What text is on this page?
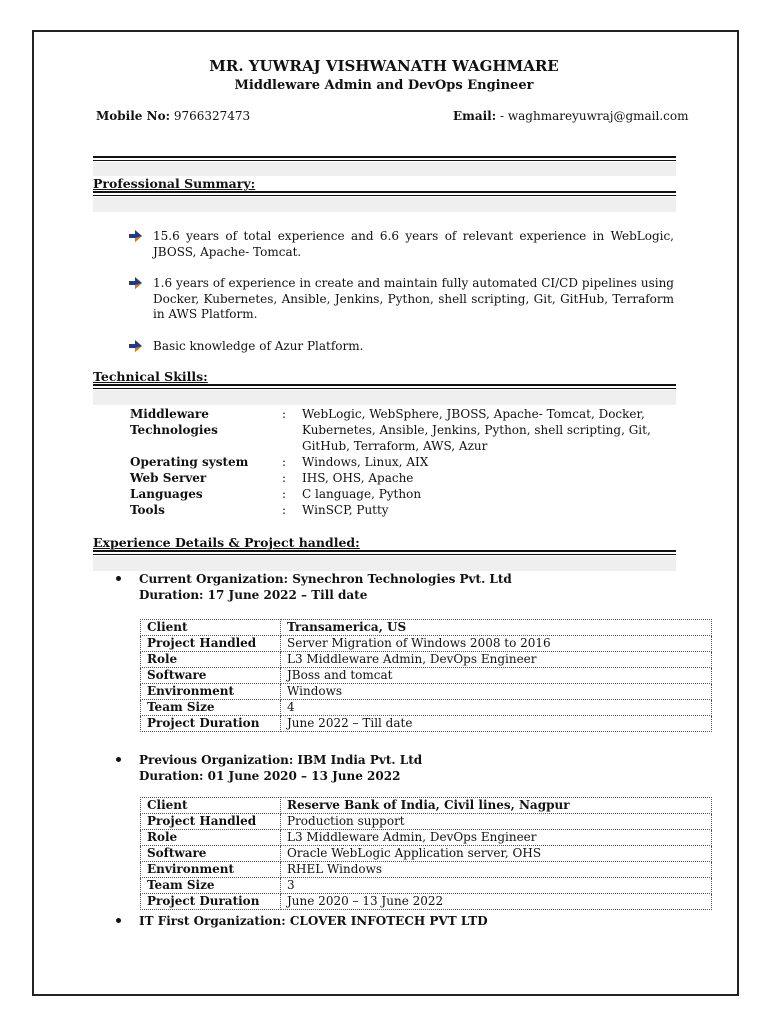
MR. YUWRAJ VISHWANATH WAGHMARE
Middleware Admin and DevOps Engineer
Mobile No: 9766327473	Email: - waghmareyuwraj@gmail.com
Professional Summary:
15.6 years of total experience and 6.6 years of relevant experience in WebLogic, JBOSS, Apache- Tomcat.
1.6 years of experience in create and maintain fully automated CI/CD pipelines using Docker, Kubernetes, Ansible, Jenkins, Python, shell scripting, Git, GitHub, Terraform in AWS Platform.
Basic knowledge of Azur Platform.
Technical Skills:
Middleware Technologies
: WebLogic, WebSphere, JBOSS, Apache- Tomcat, Docker, Kubernetes, Ansible, Jenkins, Python, shell scripting, Git, GitHub, Terraform, AWS, Azur
Operating system	: Windows, Linux, AIX
Web Server	: IHS, OHS, Apache
Languages	: C language, Python
Tools	: WinSCP, Putty
Experience Details & Project handled:
Current Organization: Synechron Technologies Pvt. Ltd
Duration: 17 June 2022 – Till date
Client	Transamerica, US
Project Handled	Server Migration of Windows 2008 to 2016
Role	L3 Middleware Admin, DevOps Engineer
Software	JBoss and tomcat
Environment	Windows
Team Size	4
Project Duration	June 2022 – Till date
Previous Organization: IBM India Pvt. Ltd
Duration: 01 June 2020 – 13 June 2022
Client	Reserve Bank of India, Civil lines, Nagpur
Project Handled	Production support
Role	L3 Middleware Admin, DevOps Engineer
Software	Oracle WebLogic Application server, OHS
Environment	RHEL Windows
Team Size	3
Project Duration	June 2020 – 13 June 2022
IT First Organization: CLOVER INFOTECH PVT LTD
